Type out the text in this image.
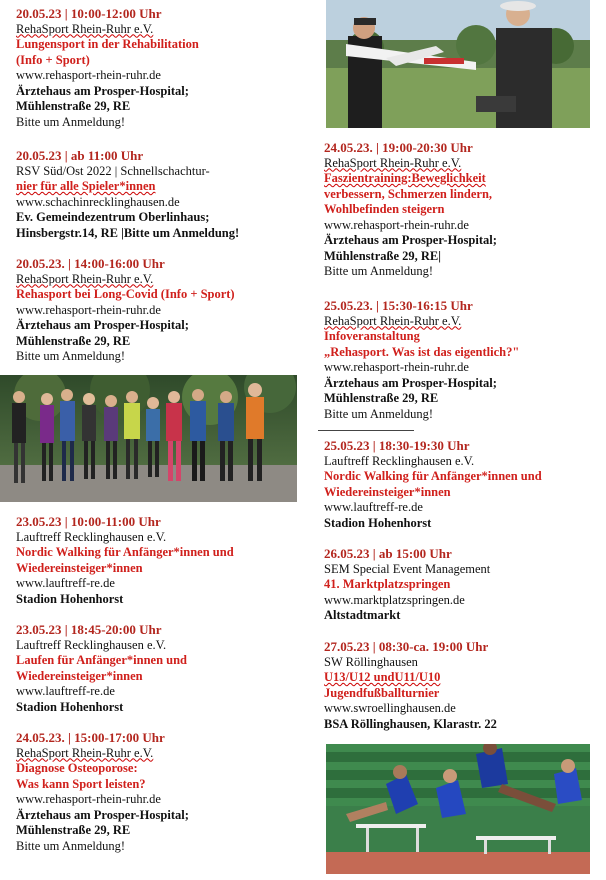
20.05.23 | 10:00-12:00 Uhr
RehaSport Rhein-Ruhr e.V.
Lungensport in der Rehabilitation
(Info + Sport)
www.rehasport-rhein-ruhr.de
Ärztehaus am Prosper-Hospital;
Mühlenstraße 29, RE
Bitte um Anmeldung!
20.05.23 | ab 11:00 Uhr
RSV Süd/Ost 2022 | Schnellschachtur-
nier für alle Spieler*innen
www.schachinrecklinghausen.de
Ev. Gemeindezentrum Oberlinhaus;
Hinsbergstr.14, RE |Bitte um Anmeldung!
20.05.23. | 14:00-16:00 Uhr
RehaSport Rhein-Ruhr e.V.
Rehasport bei Long-Covid (Info + Sport)
www.rehasport-rhein-ruhr.de
Ärztehaus am Prosper-Hospital;
Mühlenstraße 29, RE
Bitte um Anmeldung!
23.05.23 | 10:00-11:00 Uhr
Lauftreff Recklinghausen e.V.
Nordic Walking für Anfänger*innen und
Wiedereinsteiger*innen
www.lauftreff-re.de
Stadion Hohenhorst
23.05.23 | 18:45-20:00 Uhr
Lauftreff Recklinghausen e.V.
Laufen für Anfänger*innen und
Wiedereinsteiger*innen
www.lauftreff-re.de
Stadion Hohenhorst
24.05.23. | 15:00-17:00 Uhr
RehaSport Rhein-Ruhr e.V.
Diagnose Osteoporose:
Was kann Sport leisten?
www.rehasport-rhein-ruhr.de
Ärztehaus am Prosper-Hospital;
Mühlenstraße 29, RE
Bitte um Anmeldung!
24.05.23. | 19:00-20:30 Uhr
RehaSport Rhein-Ruhr e.V.
Faszientraining:Beweglichkeit
verbessern, Schmerzen lindern,
Wohlbefinden steigern
www.rehasport-rhein-ruhr.de
Ärztehaus am Prosper-Hospital;
Mühlenstraße 29, RE|
Bitte um Anmeldung!
25.05.23. | 15:30-16:15 Uhr
RehaSport Rhein-Ruhr e.V.
Infoveranstaltung
„Rehasport. Was ist das eigentlich?"
www.rehasport-rhein-ruhr.de
Ärztehaus am Prosper-Hospital;
Mühlenstraße 29, RE
Bitte um Anmeldung!
25.05.23 | 18:30-19:30 Uhr
Lauftreff Recklinghausen e.V.
Nordic Walking für Anfänger*innen und
Wiedereinsteiger*innen
www.lauftreff-re.de
Stadion Hohenhorst
26.05.23 | ab 15:00 Uhr
SEM Special Event Management
41. Marktplatzspringen
www.marktplatzspringen.de
Altstadtmarkt
27.05.23 | 08:30-ca. 19:00 Uhr
SW Röllinghausen
U13/U12 undU11/U10
Jugendfußballturnier
www.swroellinghausen.de
BSA Röllinghausen, Klarastr. 22
